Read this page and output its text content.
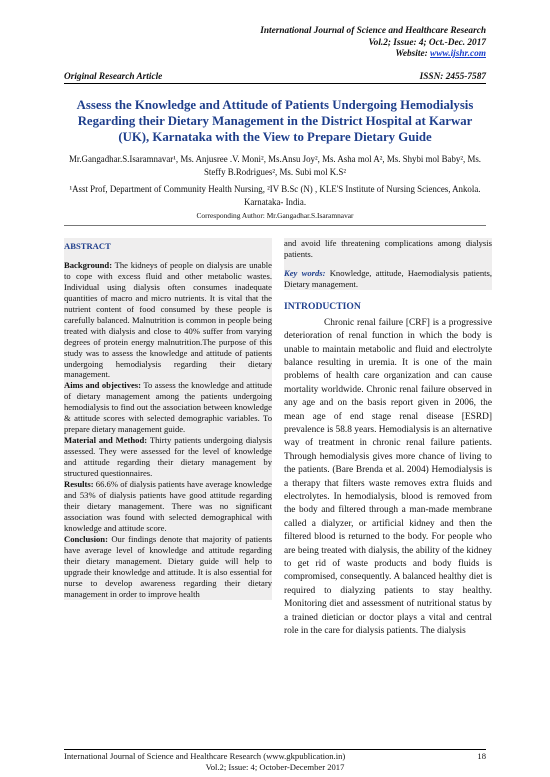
International Journal of Science and Healthcare Research
Vol.2; Issue: 4; Oct.-Dec. 2017
Website: www.ijshr.com
Original Research Article	ISSN: 2455-7587
Assess the Knowledge and Attitude of Patients Undergoing Hemodialysis Regarding their Dietary Management in the District Hospital at Karwar (UK), Karnataka with the View to Prepare Dietary Guide
Mr.Gangadhar.S.Isaramnavar¹, Ms. Anjusree .V. Moni², Ms.Ansu Joy², Ms. Asha mol A², Ms. Shybi mol Baby², Ms. Steffy B.Rodrigues², Ms. Subi mol K.S²
¹Asst Prof, Department of Community Health Nursing, ²IV B.Sc (N) , KLE'S Institute of Nursing Sciences, Ankola. Karnataka- India.
Corresponding Author: Mr.Gangadhar.S.Isaramnavar
ABSTRACT
Background: The kidneys of people on dialysis are unable to cope with excess fluid and other metabolic wastes. Individual using dialysis often consumes inadequate quantities of macro and micro nutrients. It is vital that the nutrient content of food consumed by these people is carefully balanced. Malnutrition is common in people being treated with dialysis and close to 40% suffer from varying degrees of protein energy malnutrition.The purpose of this study was to assess the knowledge and attitude of patients undergoing hemodialysis regarding their dietary management.
Aims and objectives: To assess the knowledge and attitude of dietary management among the patients undergoing hemodialysis to find out the association between knowledge & attitude scores with selected demographic variables. To prepare dietary management guide.
Material and Method: Thirty patients undergoing dialysis assessed. They were assessed for the level of knowledge and attitude regarding their dietary management by structured questionnaires.
Results: 66.6% of dialysis patients have average knowledge and 53% of dialysis patients have good attitude regarding their dietary management. There was no significant association was found with selected demographical with knowledge and attitude score.
Conclusion: Our findings denote that majority of patients have average level of knowledge and attitude regarding their dietary management. Dietary guide will help to upgrade their knowledge and attitude. It is also essential for nurse to develop awareness regarding their dietary management in order to improve health
and avoid life threatening complications among dialysis patients.
Key words: Knowledge, attitude, Haemodialysis patients, Dietary management.
INTRODUCTION
Chronic renal failure [CRF] is a progressive deterioration of renal function in which the body is unable to maintain metabolic and fluid and electrolyte balance resulting in uremia. It is one of the main problems of health care organization and can cause mortality worldwide. Chronic renal failure observed in any age and on the basis report given in 2006, the mean age of end stage renal disease [ESRD] prevalence is 58.8 years. Hemodialysis is an alternative way of treatment in chronic renal failure patients. Through hemodialysis gives more chance of living to the patients. (Bare Brenda et al. 2004) Hemodialysis is a therapy that filters waste removes extra fluids and electrolytes. In hemodialysis, blood is removed from the body and filtered through a man-made membrane called a dialyzer, or artificial kidney and then the filtered blood is returned to the body. For people who are being treated with dialysis, the ability of the kidney to get rid of waste products and body fluids is compromised, consequently. A balanced healthy diet is required to dialyzing patients to stay healthy. Monitoring diet and assessment of nutritional status by a trained dietician or doctor plays a vital and central role in the care for dialysis patients. The dialysis
International Journal of Science and Healthcare Research (www.gkpublication.in)	18
Vol.2; Issue: 4; October-December 2017
